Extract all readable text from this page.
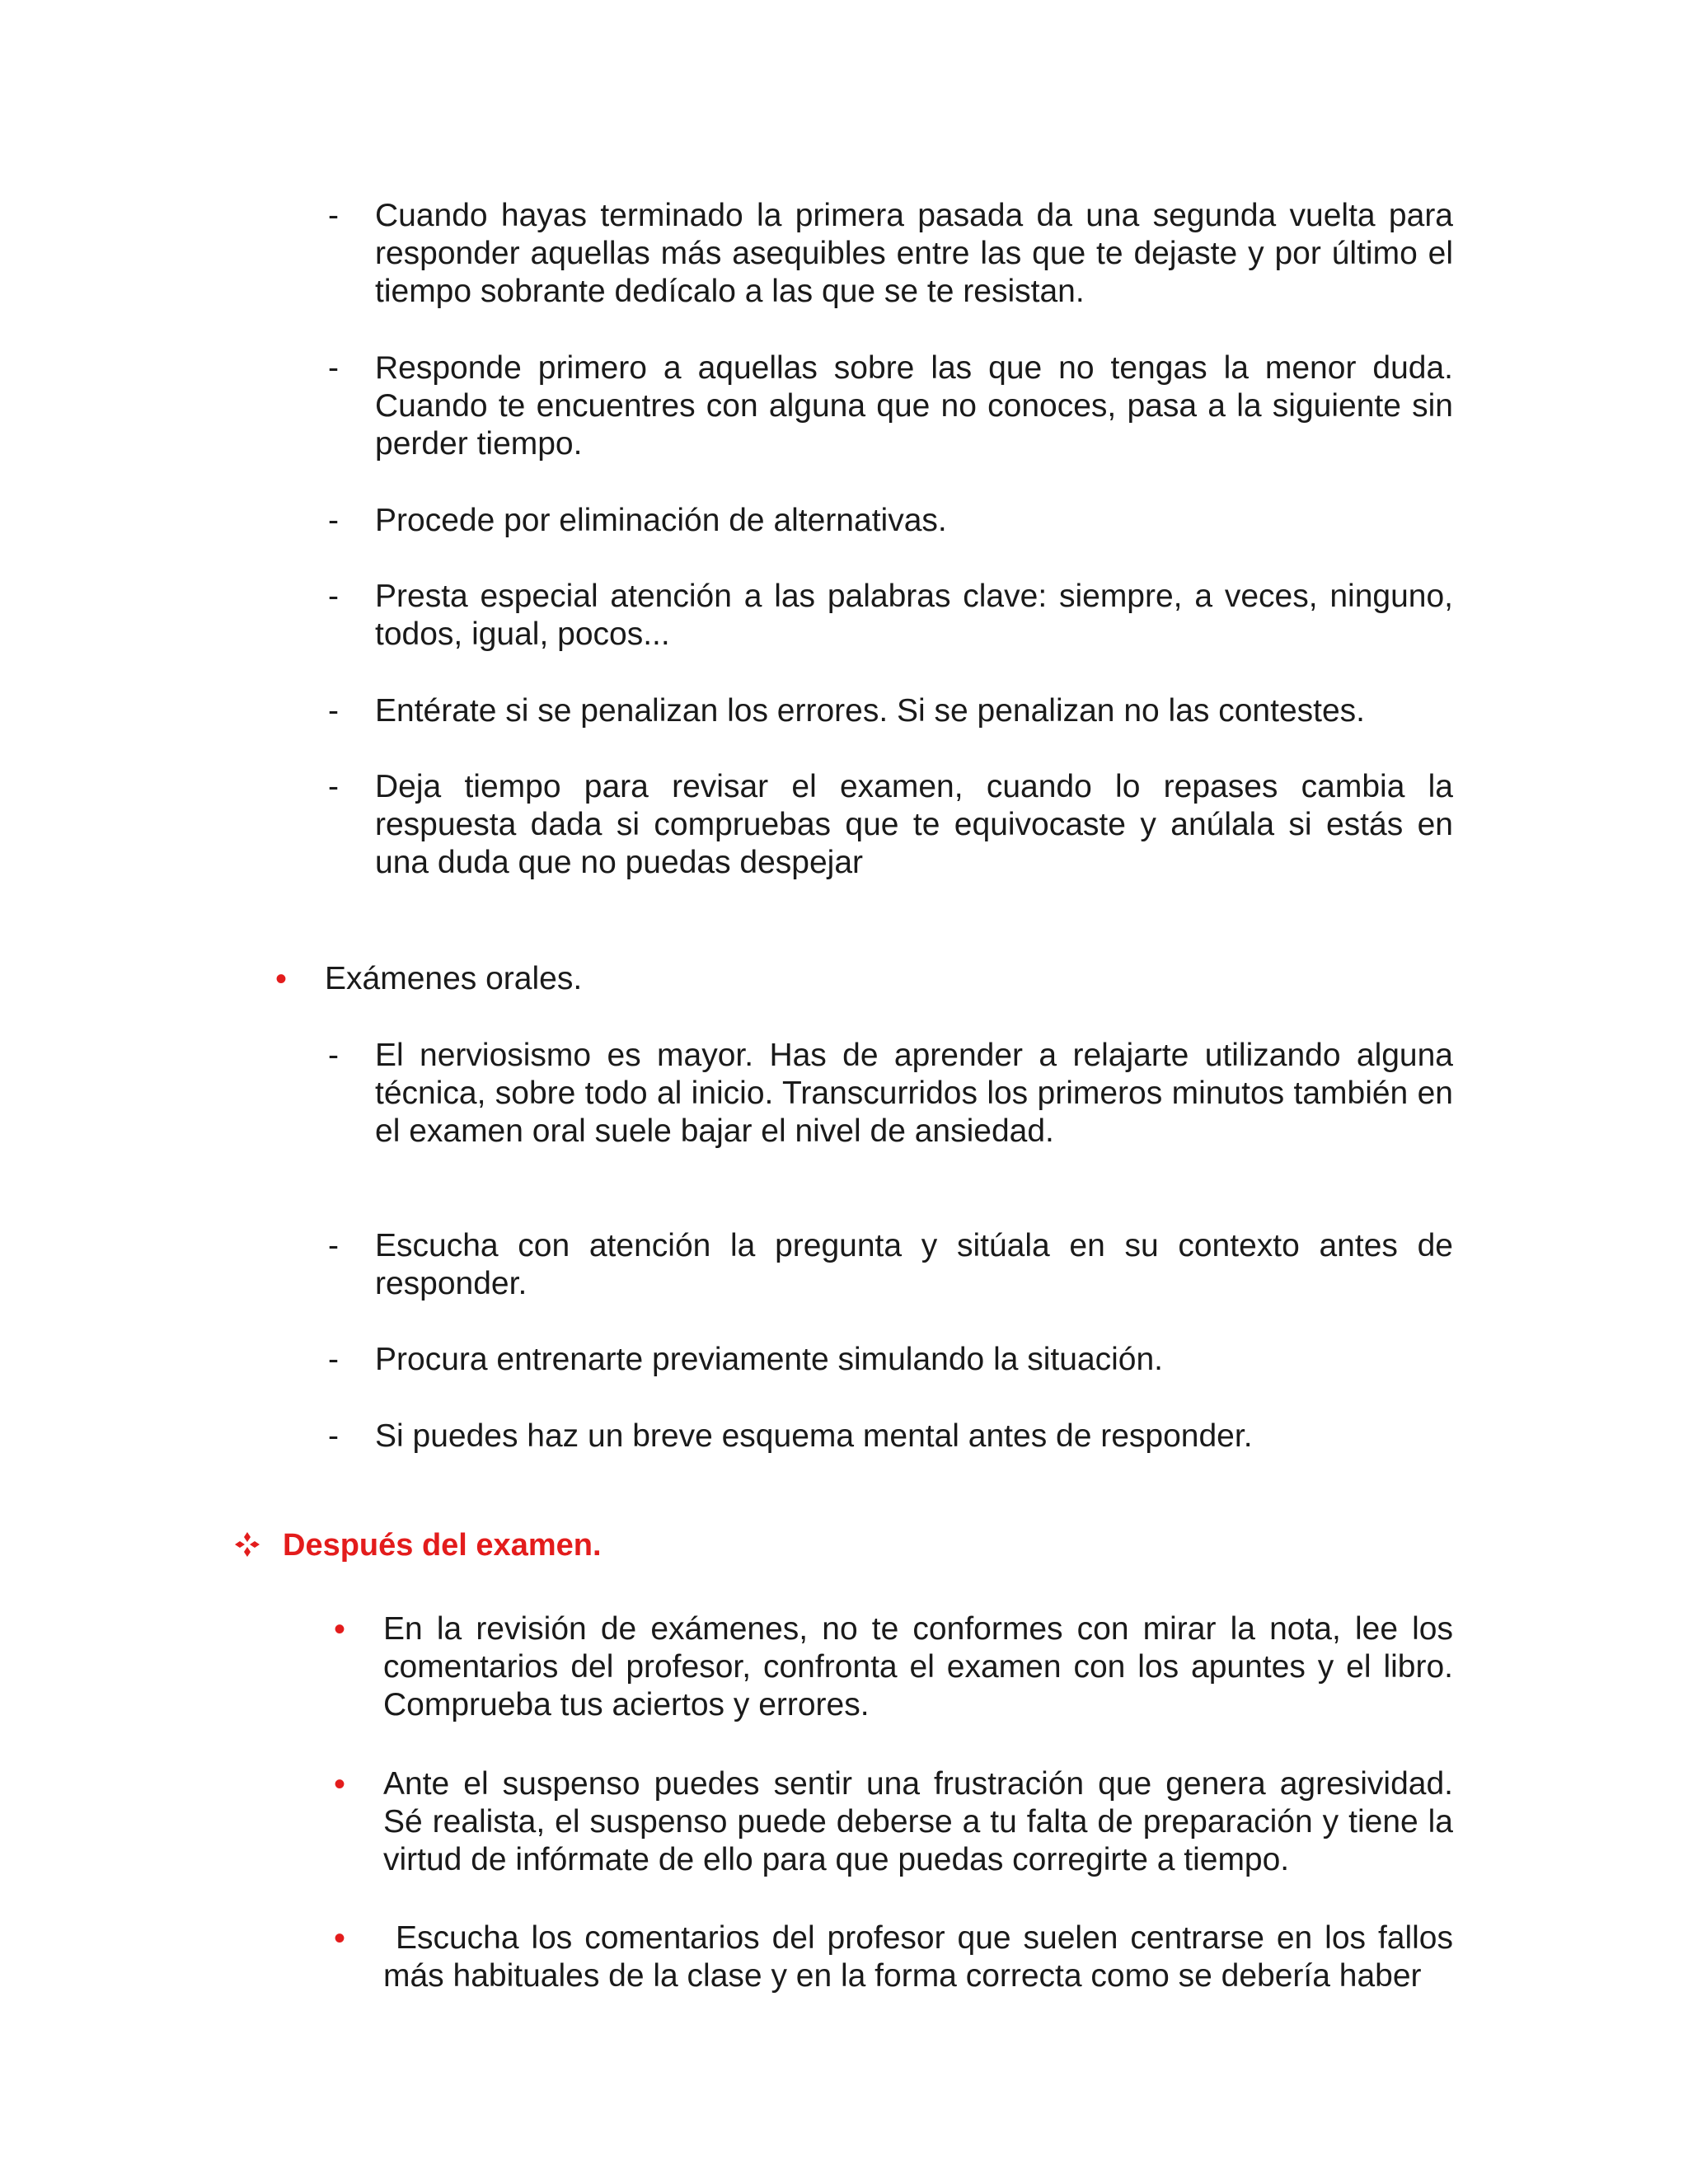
- Cuando hayas terminado la primera pasada da una segunda vuelta para responder aquellas más asequibles entre las que te dejaste y por último el tiempo sobrante dedícalo a las que se te resistan.
- Responde primero a aquellas sobre las que no tengas la menor duda. Cuando te encuentres con alguna que no conoces, pasa a la siguiente sin perder tiempo.
- Procede por eliminación de alternativas.
- Presta especial atención a las palabras clave: siempre, a veces, ninguno, todos, igual, pocos...
- Entérate si se penalizan los errores. Si se penalizan no las contestes.
- Deja tiempo para revisar el examen, cuando lo repases cambia la respuesta dada si compruebas que te equivocaste y anúlala si estás en una duda que no puedas despejar
• Exámenes orales.
- El nerviosismo es mayor. Has de aprender a relajarte utilizando alguna técnica, sobre todo al inicio. Transcurridos los primeros minutos también en el examen oral suele bajar el nivel de ansiedad.
- Escucha con atención la pregunta y sitúala en su contexto antes de responder.
- Procura entrenarte previamente simulando la situación.
- Si puedes haz un breve esquema mental antes de responder.
Después del examen.
• En la revisión de exámenes, no te conformes con mirar la nota, lee los comentarios del profesor, confronta el examen con los apuntes y el libro. Comprueba tus aciertos y errores.
• Ante el suspenso puedes sentir una frustración que genera agresividad. Sé realista, el suspenso puede deberse a tu falta de preparación y tiene la virtud de infórmate de ello para que puedas corregirte a tiempo.
• Escucha los comentarios del profesor que suelen centrarse en los fallos más habituales de la clase y en la forma correcta como se debería haber
